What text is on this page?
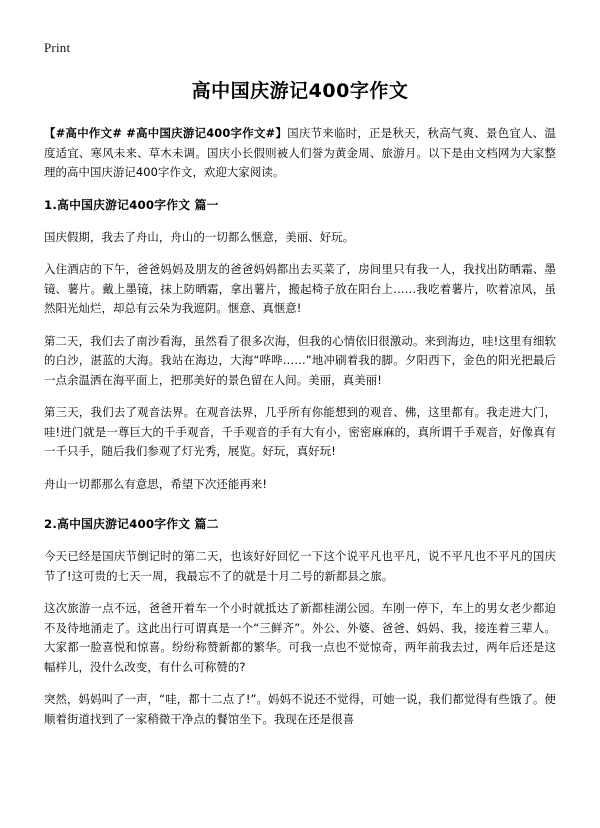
Print
高中国庆游记400字作文

【#高中作文# #高中国庆游记400字作文#】国庆节来临时，正是秋天，秋高气爽、景色宜人、温度适宜、寒风未来、草木未调。国庆小长假则被人们誉为黄金周、旅游月。以下是由文档网为大家整理的高中国庆游记400字作文，欢迎大家阅读。

1.高中国庆游记400字作文 篇一

国庆假期，我去了舟山，舟山的一切都么惬意，美丽、好玩。

入住酒店的下午，爸爸妈妈及朋友的爸爸妈妈都出去买菜了，房间里只有我一人，我找出防晒霜、墨镜、薯片。戴上墨镜，抹上防晒霜，拿出薯片，搬起椅子放在阳台上……我吃着薯片，吹着凉风，虽然阳光灿烂，却总有云朵为我遮阴。惬意、真惬意!

第二天，我们去了南沙看海，虽然看了很多次海，但我的心情依旧很激动。来到海边，哇!这里有细软的白沙，湛蓝的大海。我站在海边，大海“哗哗……”地冲刷着我的脚。夕阳西下，金色的阳光把最后一点余温洒在海平面上，把那美好的景色留在人间。美丽，真美丽!

第三天，我们去了观音法界。在观音法界，几乎所有你能想到的观音、佛，这里都有。我走进大门，哇!进门就是一尊巨大的千手观音，千手观音的手有大有小，密密麻麻的，真所谓千手观音，好像真有一千只手，随后我们参观了灯光秀，展览。好玩，真好玩!

舟山一切都那么有意思，希望下次还能再来!

2.高中国庆游记400字作文 篇二

今天已经是国庆节倒记时的第二天，也该好好回忆一下这个说平凡也平凡，说不平凡也不平凡的国庆节了!这可贵的七天一周，我最忘不了的就是十月二号的新都县之旅。

这次旅游一点不远，爸爸开着车一个小时就抵达了新都桂湖公园。车刚一停下，车上的男女老少都迫不及待地涌走了。这此出行可谓真是一个“三鲜齐”。外公、外婆、爸爸、妈妈、我，接连着三辈人。大家都一脸喜悦和惊喜。纷纷称赞新都的繁华。可我一点也不觉惊奇，两年前我去过，两年后还是这幅样儿，没什么改变，有什么可称赞的?

突然，妈妈叫了一声，“哇，都十二点了!”。妈妈不说还不觉得，可她一说，我们都觉得有些饿了。便顺着街道找到了一家稍微干净点的餐馆坐下。我现在还是很喜
